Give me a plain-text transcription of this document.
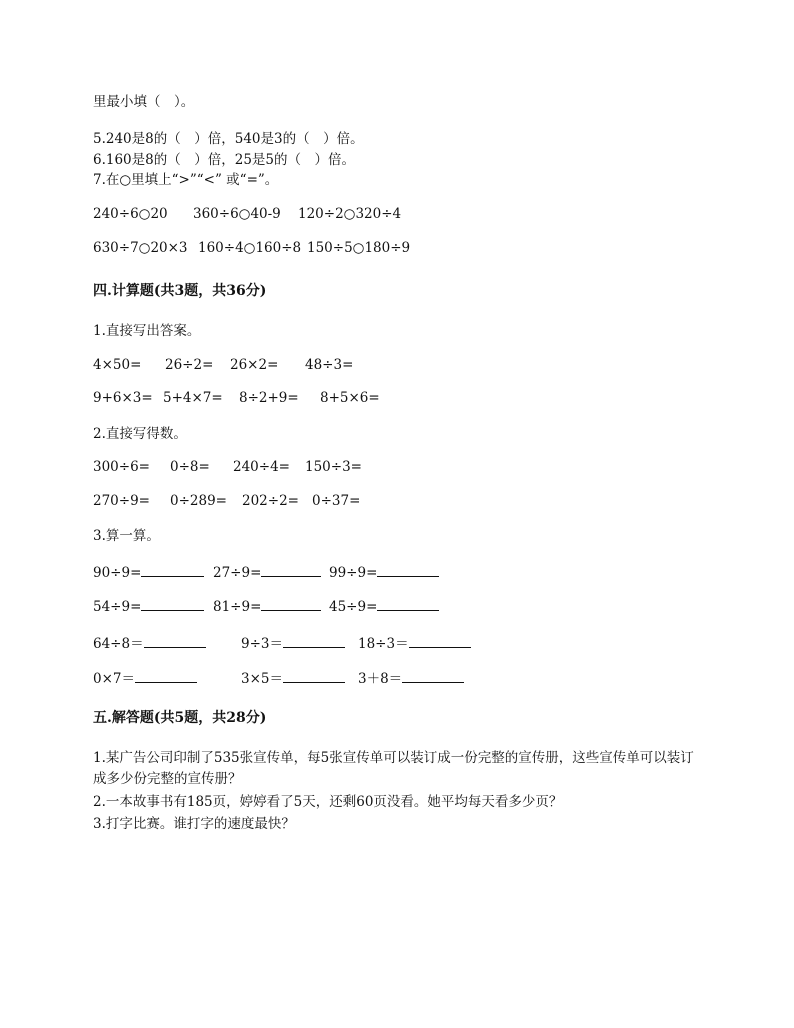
里最小填（　）。
5.240是8的（　）倍，540是3的（　）倍。
6.160是8的（　）倍，25是5的（　）倍。
7.在○里填上“>”“<” 或“=”。
240÷6○20 360÷6○40-9 120÷2○320÷4
630÷7○20×3 160÷4○160÷8 150÷5○180÷9
四.计算题(共3题，共36分)
1.直接写出答案。
4×50= 26÷2= 26×2= 48÷3=
9+6×3= 5+4×7= 8÷2+9= 8+5×6=
2.直接写得数。
300÷6= 0÷8= 240÷4= 150÷3=
270÷9= 0÷289= 202÷2= 0÷37=
3.算一算。
90÷9=	27÷9=	99÷9=
54÷9=	81÷9=	45÷9=
64÷8＝	9÷3＝	18÷3＝
0×7＝	3×5＝	3＋8＝
五.解答题(共5题，共28分)
1.某广告公司印制了535张宣传单，每5张宣传单可以装订成一份完整的宣传册，这些宣传单可以装订成多少份完整的宣传册？
2.一本故事书有185页，婷婷看了5天，还剩60页没看。她平均每天看多少页？
3.打字比赛。谁打字的速度最快？
